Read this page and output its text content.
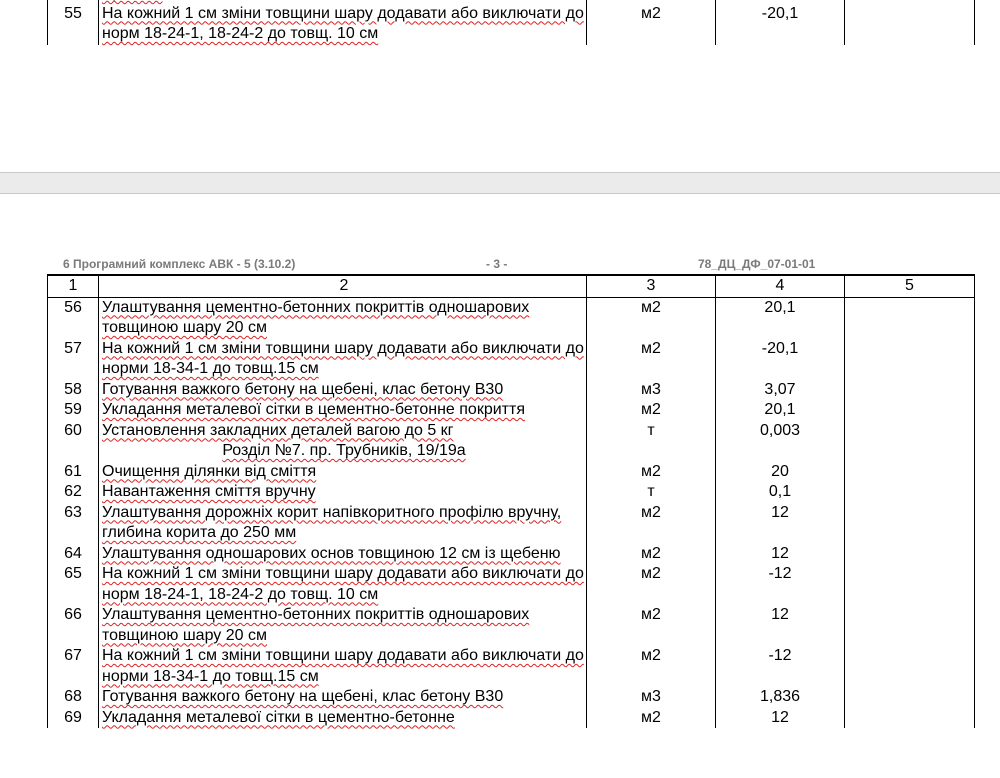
55	На кожний 1 см зміни товщини шару додавати або виключати до норм 18-24-1, 18-24-2 до товщ. 10 см	м2	-20,1	
6 Програмний комплекс АВК - 5 (3.10.2)	- 3 -	78_ДЦ_ДФ_07-01-01
1	2	3	4	5
56	Улаштування цементно-бетонних покриттів одношарових товщиною шару 20 см	м2	20,1	
57	На кожний 1 см зміни товщини шару додавати або виключати до норми 18-34-1 до товщ.15 см	м2	-20,1	
58	Готування важкого бетону на щебені, клас бетону В30	м3	3,07	
59	Укладання металевої сітки в цементно-бетонне покриття	м2	20,1	
60	Установлення закладних деталей вагою до 5 кг	т	0,003	
	Розділ №7. пр. Трубників, 19/19а			
61	Очищення ділянки від сміття	м2	20	
62	Навантаження сміття вручну	т	0,1	
63	Улаштування дорожніх корит напівкоритного профілю вручну, глибина корита до 250 мм	м2	12	
64	Улаштування одношарових основ товщиною 12 см із щебеню	м2	12	
65	На кожний 1 см зміни товщини шару додавати або виключати до норм 18-24-1, 18-24-2 до товщ. 10 см	м2	-12	
66	Улаштування цементно-бетонних покриттів одношарових товщиною шару 20 см	м2	12	
67	На кожний 1 см зміни товщини шару додавати або виключати до норми 18-34-1 до товщ.15 см	м2	-12	
68	Готування важкого бетону на щебені, клас бетону В30	м3	1,836	
69	Укладання металевої сітки в цементно-бетонне	м2	12	
